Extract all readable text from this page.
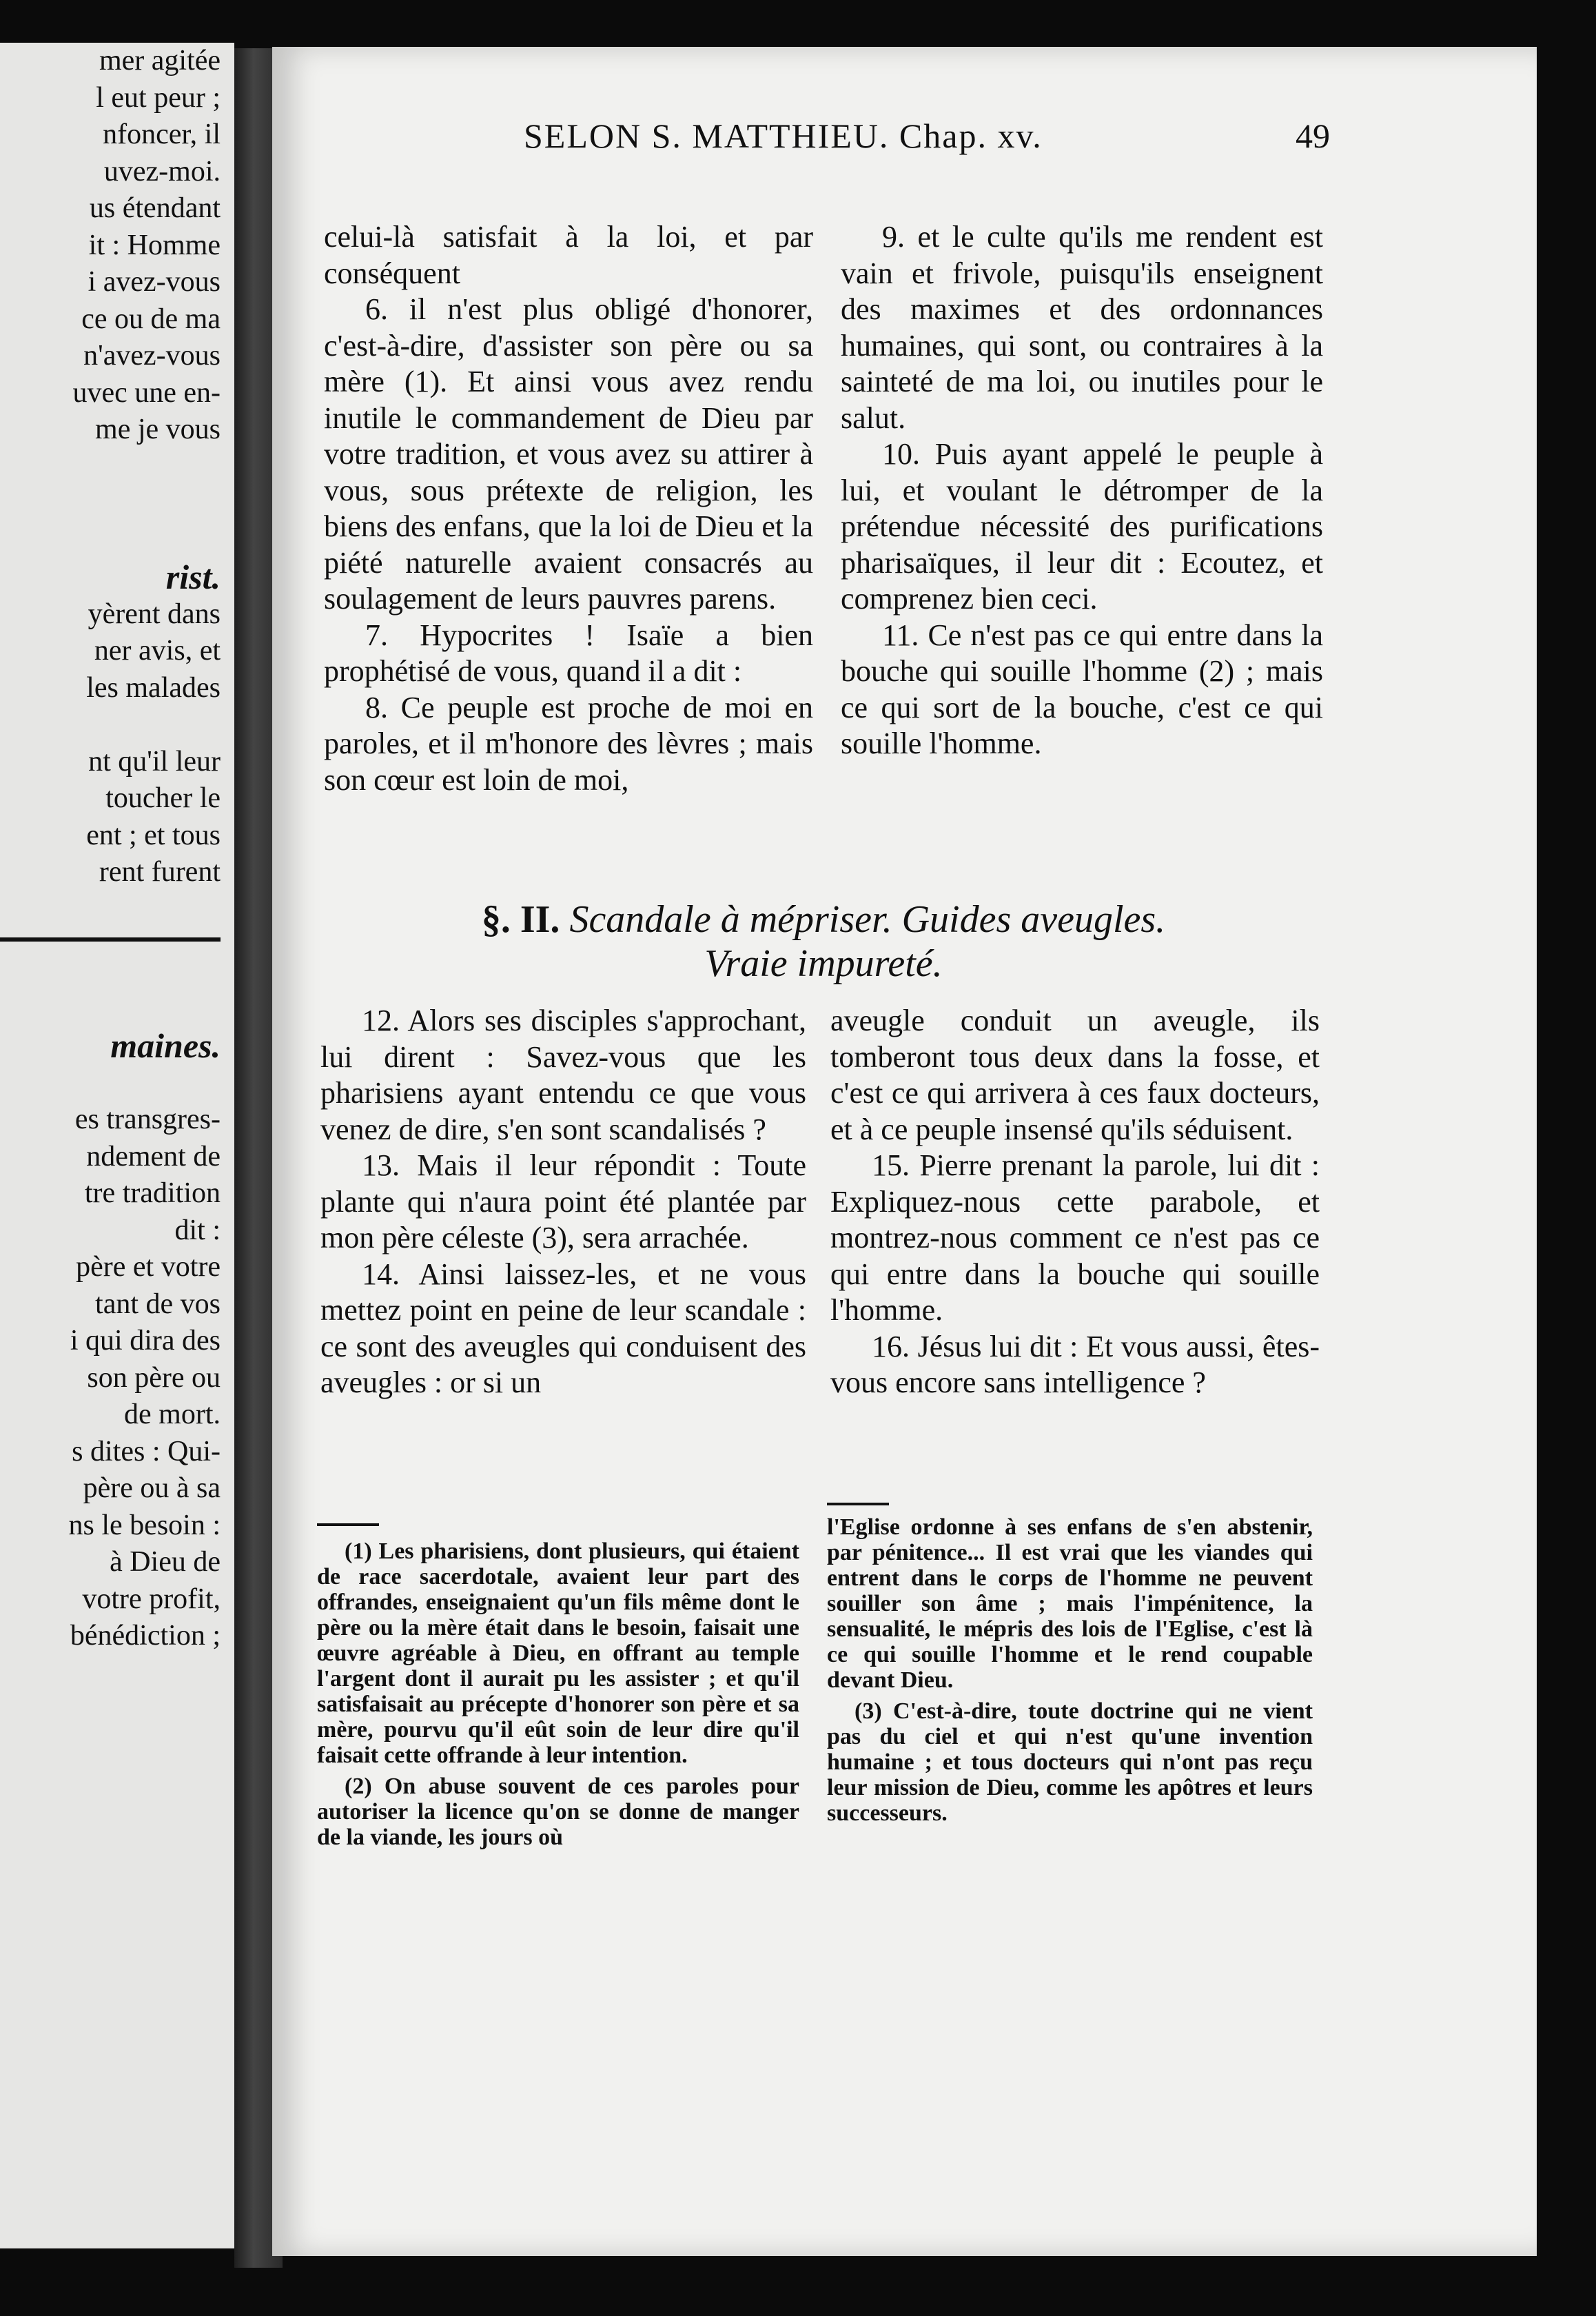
mer agitée
l eut peur ;
nfoncer, il
uvez-moi.
us étendant
it : Homme
i avez-vous
ce ou de ma
n'avez-vous
uvec une en-
me je vous

rist.
yèrent dans
ner avis, et
les malades

nt qu'il leur
toucher le
ent ; et tous
rent furent

maines.

es transgres-
ndement de
tre tradition
dit :
père et votre
tant de vos
i qui dira des
son père ou
de mort.
s dites : Qui-
père ou à sa
ns le besoin :
à Dieu de
votre profit,
bénédiction ;
SELON S. MATTHIEU. Chap. xv.	49

celui-là satisfait à la loi, et par conséquent

6. il n'est plus obligé d'honorer, c'est-à-dire, d'assister son père ou sa mère (1). Et ainsi vous avez rendu inutile le commandement de Dieu par votre tradition, et vous avez su attirer à vous, sous prétexte de religion, les biens des enfans, que la loi de Dieu et la piété naturelle avaient consacrés au soulagement de leurs pauvres parens.

7. Hypocrites ! Isaïe a bien prophétisé de vous, quand il a dit :

8. Ce peuple est proche de moi en paroles, et il m'honore des lèvres ; mais son cœur est loin de moi,

9. et le culte qu'ils me rendent est vain et frivole, puisqu'ils enseignent des maximes et des ordonnances humaines, qui sont, ou contraires à la sainteté de ma loi, ou inutiles pour le salut.

10. Puis ayant appelé le peuple à lui, et voulant le détromper de la prétendue nécessité des purifications pharisaïques, il leur dit : Ecoutez, et comprenez bien ceci.

11. Ce n'est pas ce qui entre dans la bouche qui souille l'homme (2) ; mais ce qui sort de la bouche, c'est ce qui souille l'homme.

§. II. Scandale à mépriser. Guides aveugles.
Vraie impureté.

12. Alors ses disciples s'approchant, lui dirent : Savez-vous que les pharisiens ayant entendu ce que vous venez de dire, s'en sont scandalisés ?

13. Mais il leur répondit : Toute plante qui n'aura point été plantée par mon père céleste (3), sera arrachée.

14. Ainsi laissez-les, et ne vous mettez point en peine de leur scandale : ce sont des aveugles qui conduisent des aveugles : or si un

aveugle conduit un aveugle, ils tomberont tous deux dans la fosse, et c'est ce qui arrivera à ces faux docteurs, et à ce peuple insensé qu'ils séduisent.

15. Pierre prenant la parole, lui dit : Expliquez-nous cette parabole, et montrez-nous comment ce n'est pas ce qui entre dans la bouche qui souille l'homme.

16. Jésus lui dit : Et vous aussi, êtes-vous encore sans intelligence ?

(1) Les pharisiens, dont plusieurs, qui étaient de race sacerdotale, avaient leur part des offrandes, enseignaient qu'un fils même dont le père ou la mère était dans le besoin, faisait une œuvre agréable à Dieu, en offrant au temple l'argent dont il aurait pu les assister ; et qu'il satisfaisait au précepte d'honorer son père et sa mère, pourvu qu'il eût soin de leur dire qu'il faisait cette offrande à leur intention.

(2) On abuse souvent de ces paroles pour autoriser la licence qu'on se donne de manger de la viande, les jours où

l'Eglise ordonne à ses enfans de s'en abstenir, par pénitence... Il est vrai que les viandes qui entrent dans le corps de l'homme ne peuvent souiller son âme ; mais l'impénitence, la sensualité, le mépris des lois de l'Eglise, c'est là ce qui souille l'homme et le rend coupable devant Dieu.

(3) C'est-à-dire, toute doctrine qui ne vient pas du ciel et qui n'est qu'une invention humaine ; et tous docteurs qui n'ont pas reçu leur mission de Dieu, comme les apôtres et leurs successeurs.
